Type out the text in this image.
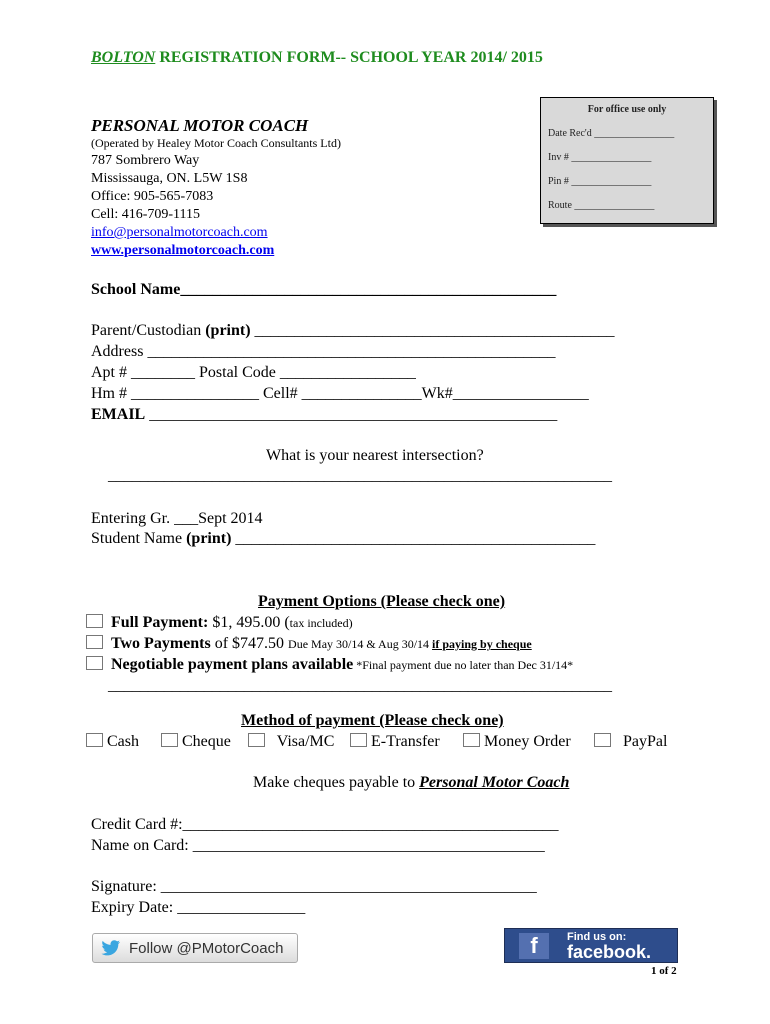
BOLTON REGISTRATION FORM-- SCHOOL YEAR 2014/ 2015
PERSONAL MOTOR COACH
(Operated by Healey Motor Coach Consultants Ltd)
787 Sombrero Way
Mississauga, ON. L5W 1S8
Office: 905-565-7083
Cell: 416-709-1115
info@personalmotorcoach.com
www.personalmotorcoach.com
For office use only
Date Rec'd ________________
Inv # ________________
Pin # ________________
Route ________________
School Name_______________________________________________
Parent/Custodian (print) _____________________________________________
Address ___________________________________________________
Apt # ________ Postal Code _________________
Hm # ________________ Cell# _______________Wk#_________________
EMAIL ___________________________________________________
What is your nearest intersection?
_______________________________________________________________
Entering Gr. ___Sept 2014
Student Name (print) _____________________________________________
Payment Options (Please check one)
Full Payment: $1, 495.00 (tax included)
Two Payments of $747.50 Due May 30/14 & Aug 30/14 if paying by cheque
Negotiable payment plans available *Final payment due no later than Dec 31/14*
_______________________________________________________________
Method of payment (Please check one)
Cash	Cheque	Visa/MC	E-Transfer	Money Order	PayPal
Make cheques payable to Personal Motor Coach
Credit Card #:_______________________________________________
Name on Card: ____________________________________________
Signature: _______________________________________________
Expiry Date: ________________
Follow @PMotorCoach	f	Find us on:
facebook.
1 of 2
